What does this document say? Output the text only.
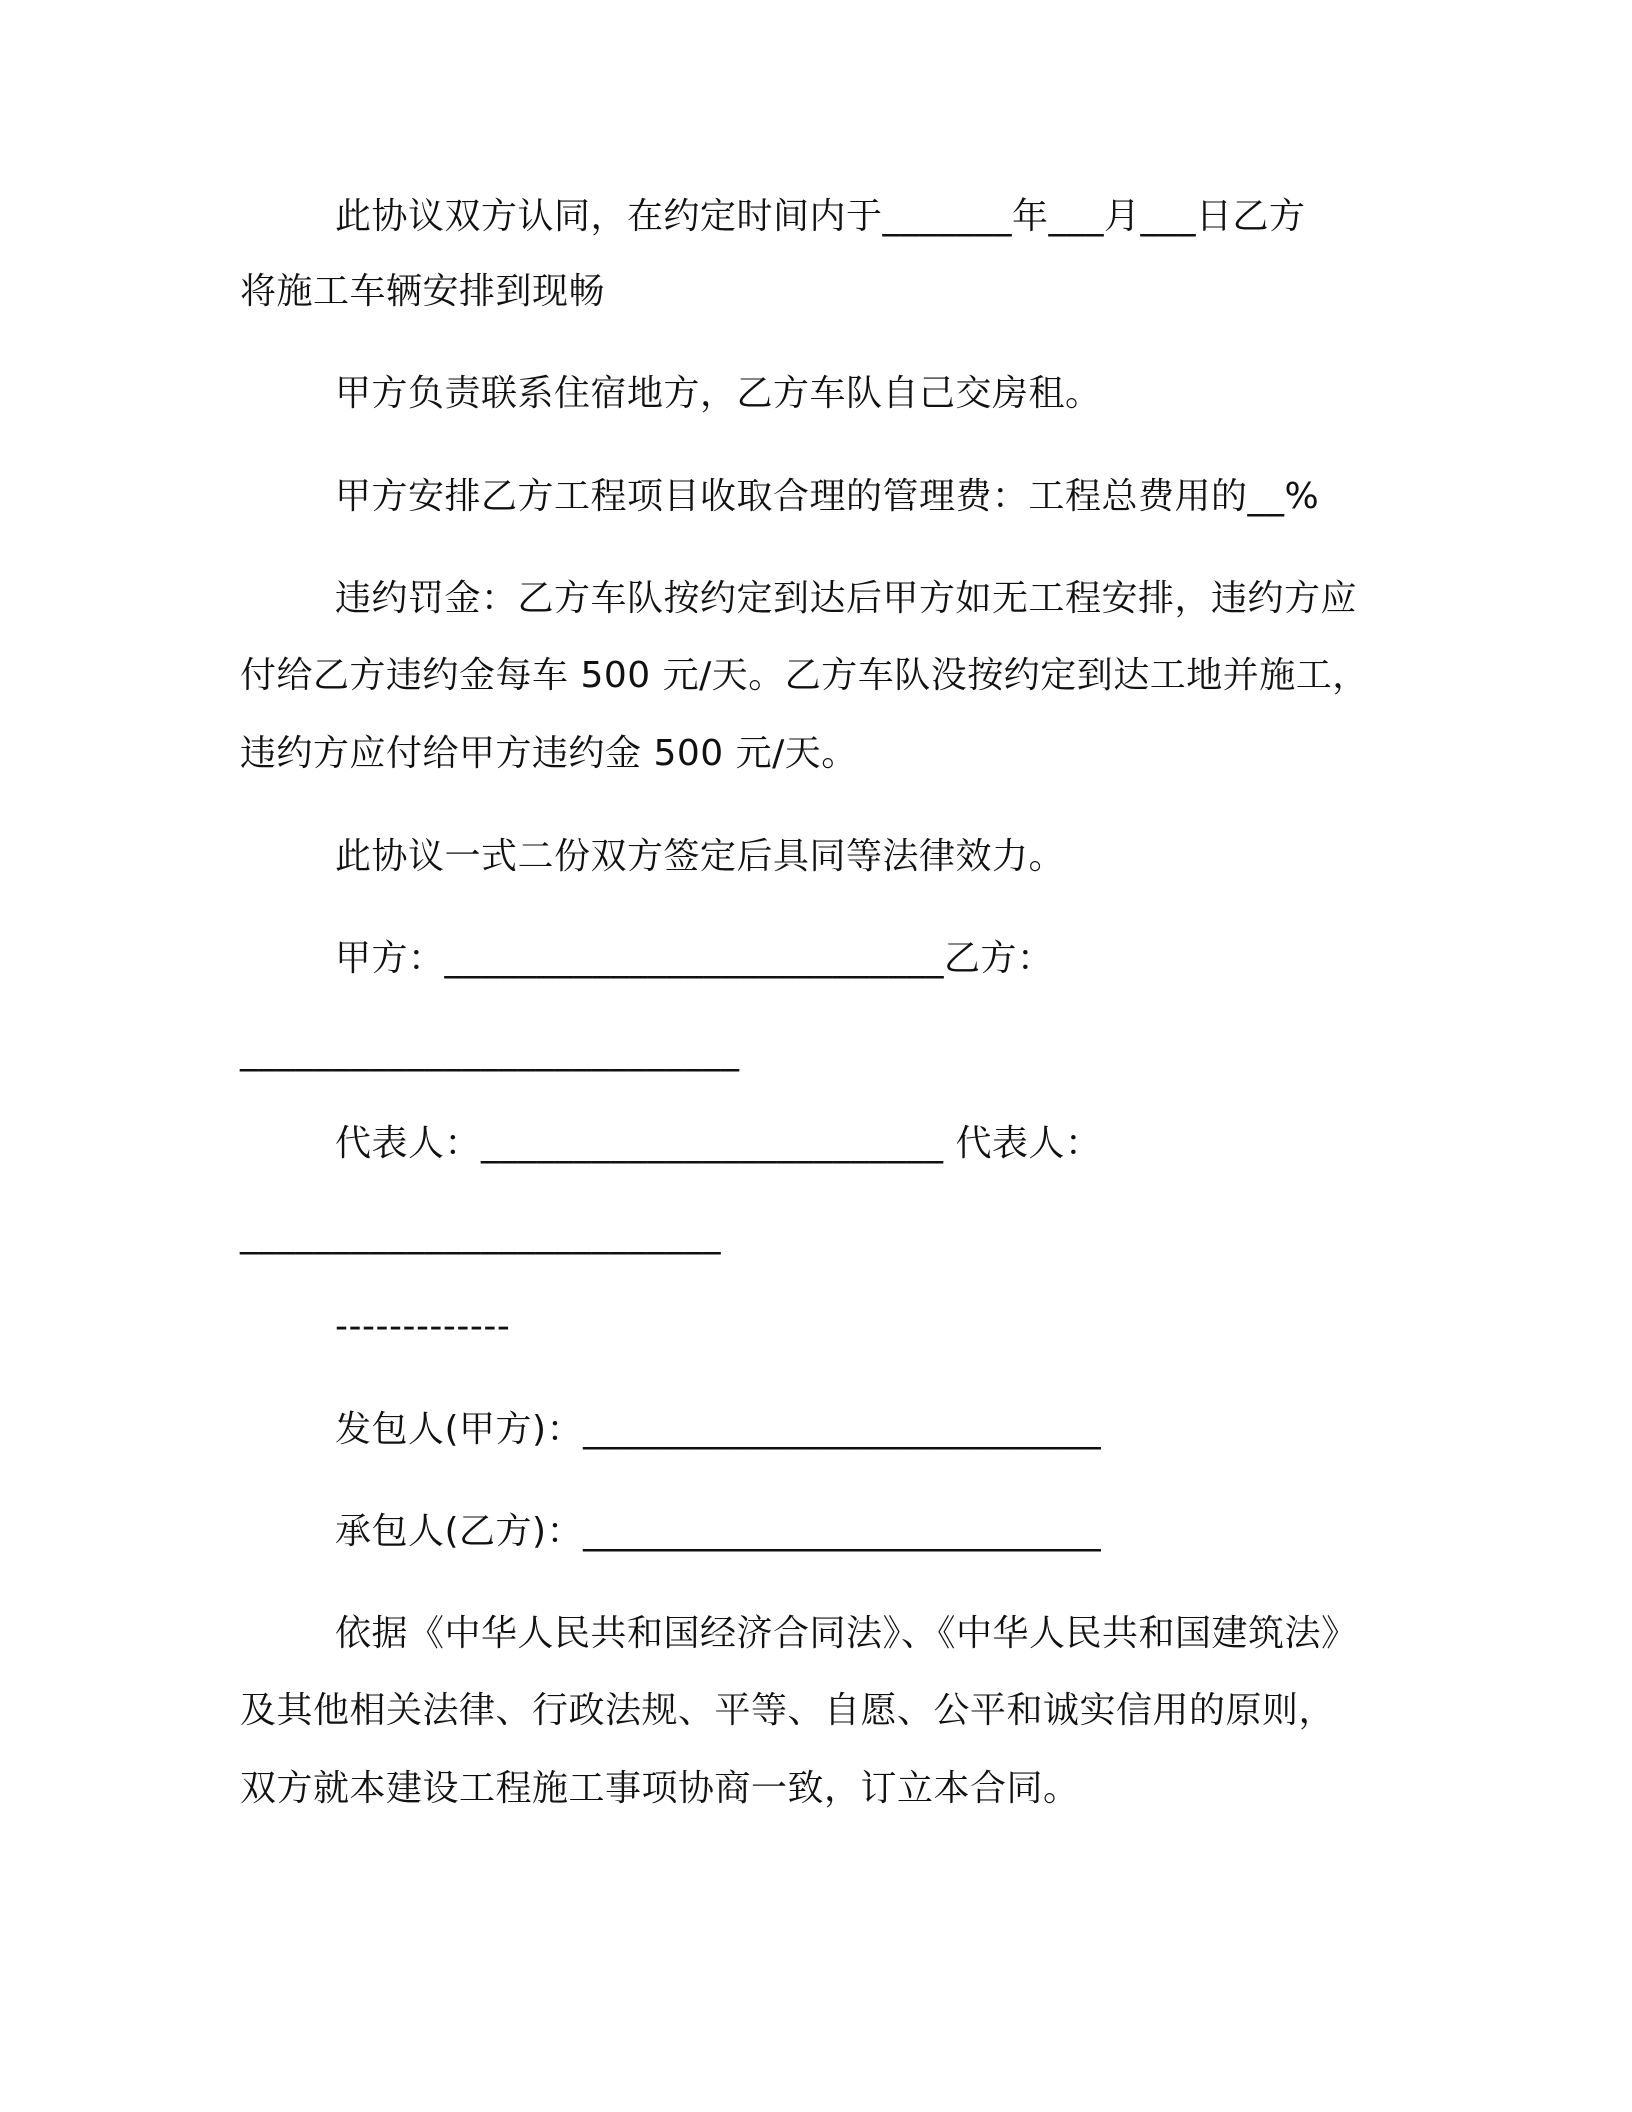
此协议双方认同，在约定时间内于_______年___月___日乙方

将施工车辆安排到现畅

甲方负责联系住宿地方，乙方车队自己交房租。

甲方安排乙方工程项目收取合理的管理费：工程总费用的__%

违约罚金：乙方车队按约定到达后甲方如无工程安排，违约方应

付给乙方违约金每车 500 元/天。乙方车队没按约定到达工地并施工，

违约方应付给甲方违约金 500 元/天。

此协议一式二份双方签定后具同等法律效力。

甲方：___________________________乙方：

___________________________

代表人：_________________________ 代表人：

__________________________

-------------

发包人(甲方)：____________________________

承包人(乙方)：____________________________

依据《中华人民共和国经济合同法》、《中华人民共和国建筑法》

及其他相关法律、行政法规、平等、自愿、公平和诚实信用的原则，

双方就本建设工程施工事项协商一致，订立本合同。
